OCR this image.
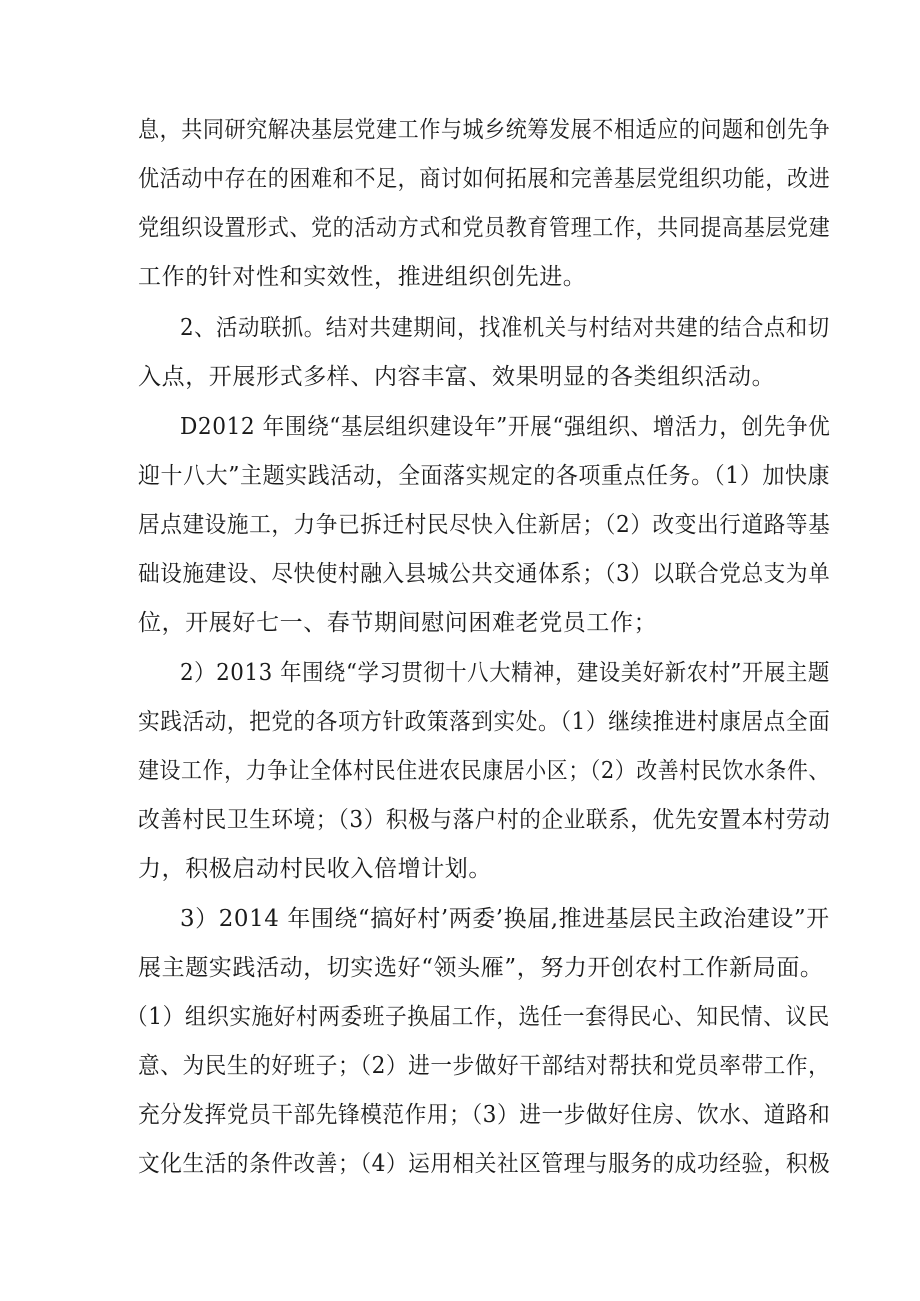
息，共同研究解决基层党建工作与城乡统筹发展不相适应的问题和创先争
优活动中存在的困难和不足，商讨如何拓展和完善基层党组织功能，改进
党组织设置形式、党的活动方式和党员教育管理工作，共同提高基层党建
工作的针对性和实效性，推进组织创先进。
2、活动联抓。结对共建期间，找准机关与村结对共建的结合点和切
入点，开展形式多样、内容丰富、效果明显的各类组织活动。
D2012 年围绕“基层组织建设年”开展“强组织、增活力，创先争优
迎十八大”主题实践活动，全面落实规定的各项重点任务。（1）加快康
居点建设施工，力争已拆迁村民尽快入住新居；（2）改变出行道路等基
础设施建设、尽快使村融入县城公共交通体系；（3）以联合党总支为单
位，开展好七一、春节期间慰问困难老党员工作；
2）2013 年围绕“学习贯彻十八大精神，建设美好新农村”开展主题
实践活动，把党的各项方针政策落到实处。（1）继续推进村康居点全面
建设工作，力争让全体村民住进农民康居小区；（2）改善村民饮水条件、
改善村民卫生环境；（3）积极与落户村的企业联系，优先安置本村劳动
力，积极启动村民收入倍增计划。
3）2014 年围绕“搞好村’两委’换届,推进基层民主政治建设”开
展主题实践活动，切实选好“领头雁”，努力开创农村工作新局面。
（1）组织实施好村两委班子换届工作，选任一套得民心、知民情、议民
意、为民生的好班子；（2）进一步做好干部结对帮扶和党员率带工作，
充分发挥党员干部先锋模范作用；（3）进一步做好住房、饮水、道路和
文化生活的条件改善；（4）运用相关社区管理与服务的成功经验，积极
